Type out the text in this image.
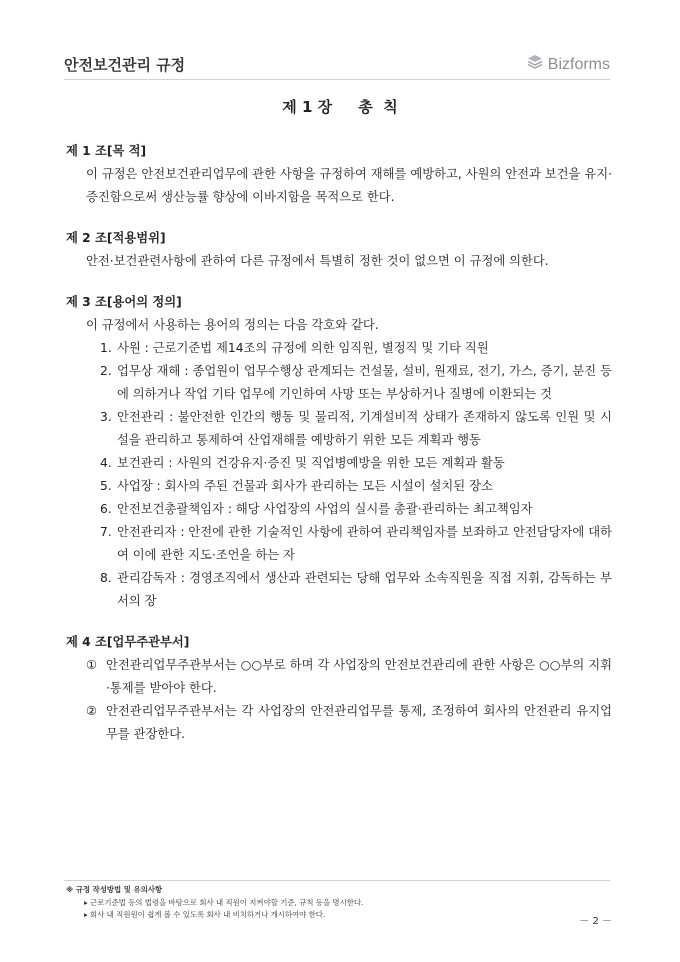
안전보건관리 규정	Bizforms
제 1 장 총  칙
제 1 조[목 적]
이 규정은 안전보건관리업무에 관한 사항을 규정하여 재해를 예방하고, 사원의 안전과 보건을 유지·증진함으로써 생산능률 향상에 이바지함을 목적으로 한다.
제 2 조[적용범위]
안전·보건관련사항에 관하여 다른 규정에서 특별히 정한 것이 없으면 이 규정에 의한다.
제 3 조[용어의 정의]
이 규정에서 사용하는 용어의 정의는 다음 각호와 같다.
1. 사원 : 근로기준법 제14조의 규정에 의한 임직원, 별정직 및 기타 직원
2. 업무상 재해 : 종업원이 업무수행상 관계되는 건설물, 설비, 원재료, 전기, 가스, 증기, 분진 등에 의하거나 작업 기타 업무에 기인하여 사망 또는 부상하거나 질병에 이환되는 것
3. 안전관리 : 불안전한 인간의 행동 및 물리적, 기계설비적 상태가 존재하지 않도록 인원 및 시설을 관리하고 통제하여 산업재해를 예방하기 위한 모든 계획과 행동
4. 보건관리 : 사원의 건강유지·증진 및 직업병예방을 위한 모든 계획과 활동
5. 사업장 : 회사의 주된 건물과 회사가 관리하는 모든 시설이 설치된 장소
6. 안전보건총괄책임자 : 해당 사업장의 사업의 실시를 총괄·관리하는 최고책임자
7. 안전관리자 : 안전에 관한 기술적인 사항에 관하여 관리책임자를 보좌하고 안전담당자에 대하여 이에 관한 지도·조언을 하는 자
8. 관리감독자 : 경영조직에서 생산과 관련되는 당해 업무와 소속직원을 직접 지휘, 감독하는 부서의 장
제 4 조[업무주관부서]
① 안전관리업무주관부서는 ○○부로 하며 각 사업장의 안전보건관리에 관한 사항은 ○○부의 지휘·통제를 받아야 한다.
② 안전관리업무주관부서는 각 사업장의 안전관리업무를 통제, 조정하여 회사의 안전관리 유지업무를 관장한다.
※ 규정 작성방법 및 유의사항
▸ 근로기준법 등의 법령을 바탕으로 회사 내 직원이 지켜야할 기준, 규칙 등을 명시한다.
▸ 회사 내 직원원이 쉽게 볼 수 있도록 회사 내 비치하거나 게시하여야 한다.
－ 2 －
